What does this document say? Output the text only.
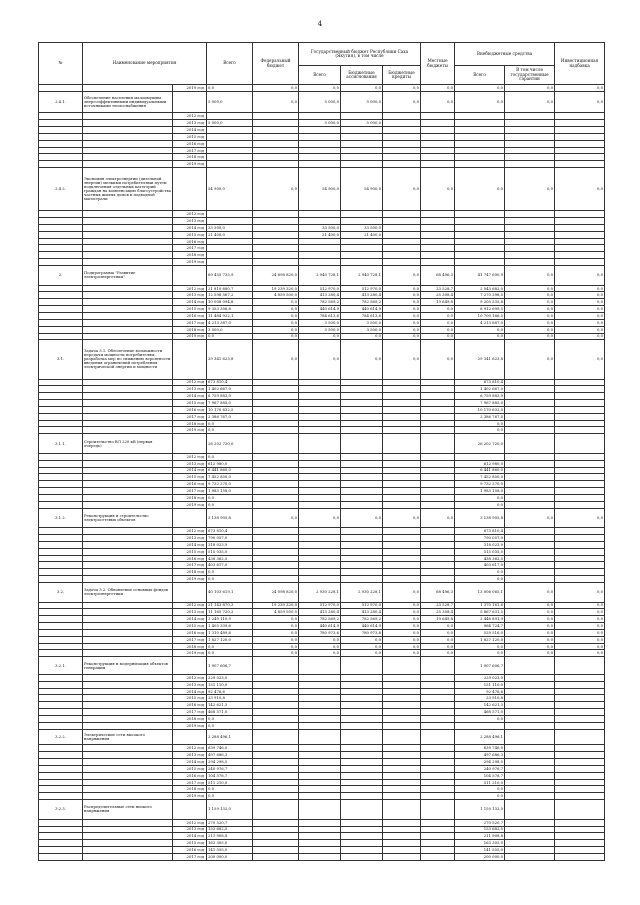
4
№	Наименование мероприятия		Всего	Федеральный бюджет	Государственный бюджет Республики Саха (Якутия), в том числе			Местные бюджеты	Внебюджетные средства		Инвестиционная надбавка
					Всего	Бюджетные ассигнования	Бюджетные кредиты		Всего	В том числе государственные гарантии	
		2019 год	0,0	0,0	0,0	0,0	0,0	0,0	0,0	0,0	0,0
2.4.1.	Обеспечение населения малоимущим энергоэффективными индивидуальными источниками теплоснабжения		5 000,0	0,0	5 000,0	5 000,0	0,0	0,0	0,0	0,0	0,0
		2012 год									
		2013 год	5 000,0		5 000,0	5 000,0					
		2014 год									
		2015 год									
		2016 год									
		2017 год									
		2018 год									
		2019 год									
2.4.2.	Экономия электроэнергии (дизельной энергии) мелкими потребителями путем подключения отдельных категорий граждан на компенсацию благоустройства частных жилых домов к подводной магистрали		54 900,0	0,0	54 900,0	54 900,0	0,0	0,0	0,0	0,0	0,0
		2012 год									
		2013 год									
		2014 год	33 500,0		33 500,0	33 500,0					
		2015 год	21 400,0		21 400,0	21 400,0					
		2016 год									
		2017 год									
		2018 год									
		2019 год									
2.	Подпрограмма "Развитие электроэнергетики"		69 455 735,9	24 698 820,0	2 940 728,1	2 940 728,1	0,0	68 496,3	41 747 690,9	0,0	0,0
		2012 год	21 810 680,7	19 239 320,0	512 970,0	512 970,0	0,0	23 528,7	2 043 682,0	0,0	0,0
		2013 год	12 598 567,2	4 859 500,0	413 280,4	413 280,4	0,0	25 308,4	7 270 298,5	0,0	0,0
		2014 год	10 008 094,8	0,0	782 569,2	782 569,2	0,0	19 649,8	9 205 535,8	0,0	0,0
		2015 год	9 353 356,8	0,0	440 614,9	440 614,9	0,0	0,0	8 912 699,5	0,0	0,0
		2016 год	11 484 922,1	0,0	784 613,6	784 613,6	0,0	0,0	10 700 166,5	0,0	0,0
		2017 год	4 213 387,0	0,0	3 500,0	3 500,0	0,0	0,0	4 213 887,0	0,0	0,0
		2018 год	3 500,0	0,0	3 500,0	3 500,0	0,0	0,0	0,0	0,0	0,0
		2019 год	0,0	0,0	0,0	0,0	0,0	0,0	0,0	0,0	0,0
3.1.	Задача 3.1. Обеспечение возможности передачи мощности потребителям, разработка мер по снижению вероятности введения ограничений потребления электрической энергии и мощности		29 341 623,8	0,0	0,0	0,0	0,0	0,0	29 341 623,8	0,0	0,0
		2012 год	673 810,4						673 810,4		
		2013 год	1 402 667,0						1 402 667,0		
		2014 год	6 759 883,9						6 759 883,9		
		2015 год	7 967 885,0						7 967 885,0		
		2016 год	10 170 632,5						10 170 632,5		
		2017 год	2 386 767,0						2 386 767,0		
		2018 год	0,0						0,0		
		2019 год	0,0						0,0		
3.1.1.	Строительство ВЛ 220 кВ (первая очередь)		26 202 720,0						26 202 720,0		
		2012 год	0,0								
		2013 год	612 980,0						612 980,0		
		2014 год	6 441 860,0						6 441 860,0		
		2015 год	7 452 850,0						7 452 850,0		
		2016 год	9 732 270,0						9 732 270,0		
		2017 год	1 983 158,0						1 983 158,0		
		2018 год	0,0						0,0		
		2019 год	0,0						0,0		
3.1.2.	Реконструкция и строительство электросетевых объектов		3 138 905,8	0,0	0,0	0,0	0,0	0,0	3 138 905,8	0,0	0,0
		2012 год	673 810,4						673 810,4		
		2013 год	790 057,0						790 057,0		
		2014 год	318 023,9						318 023,9		
		2015 год	515 035,0						515 035,0		
		2016 год	438 362,5						438 362,5		
		2017 год	403 617,0						403 617,0		
		2018 год	0,0						0,0		
		2019 год	0,0						0,0		
3.2.	Задача 3.2. Обновление основных фондов электроэнергетики		40 103 619,1	24 098 820,0	2 930 228,1	2 930 228,1	0,0	68 496,3	13 006 065,1	0,0	0,0
		2012 год	21 143 870,3	19 239 320,0	512 970,0	512 970,0	0,0	23 528,7	1 370 161,6	0,0	0,0
		2013 год	11 165 720,2	4 859 500,0	413 280,4	413 280,4	0,0	25 308,4	5 867 631,5	0,0	0,0
		2014 год	3 249 110,9	0,0	782 569,2	782 569,2	0,0	19 649,8	2 446 891,9	0,0	0,0
		2015 год	1 405 339,6	0,0	440 614,9	440 614,9	0,0	0,0	964 724,7	0,0	0,0
		2016 год	1 310 489,6	0,0	780 973,6	780 973,6	0,0	0,0	529 516,0	0,0	0,0
		2017 год	1 827 120,0	0,0	0,0	0,0	0,0	0,0	1 827 120,0	0,0	0,0
		2018 год	0,0	0,0	0,0	0,0	0,0	0,0	0,0	0,0	0,0
		2019 год	0,0	0,0	0,0	0,0	0,0	0,0	0,0	0,0	0,0
3.2.1.	Реконструкция и модернизация объектов генерации		1 907 606,7						1 907 606,7		
		2012 год	229 023,0						229 023,0		
		2013 год	151 110,0						151 110,0		
		2014 год	92 476,6						92 476,6		
		2015 год	23 910,8						23 910,8		
		2016 год	142 621,3						142 621,3		
		2017 год	468 571,0						468 571,0		
		2018 год	0,0						0,0		
		2019 год	0,0								
3.2.2.	Электрические сети высокого напряжения		2 288 496,1						2 288 496,1		
		2012 год	639 746,0						639 746,0		
		2013 год	497 686,3						497 686,3		
		2014 год	294 298,5						294 298,5		
		2015 год	240 976,7						240 976,7		
		2016 год	104 578,7						104 578,7		
		2017 год	511 210,0						511 210,0		
		2018 год	0,0						0,0		
		2019 год	0,0						0,0		
3.2.3.	Распределительные сети низкого напряжения		1 159 132,0						1 159 132,0		
		2012 год	270 520,7						270 520,7		
		2013 год	153 682,5						153 682,5		
		2014 год	211 908,8						211 908,8		
		2015 год	163 305,0						163 305,0		
		2016 год	141 555,0						141 555,0		
		2017 год	200 000,0						200 000,0		
